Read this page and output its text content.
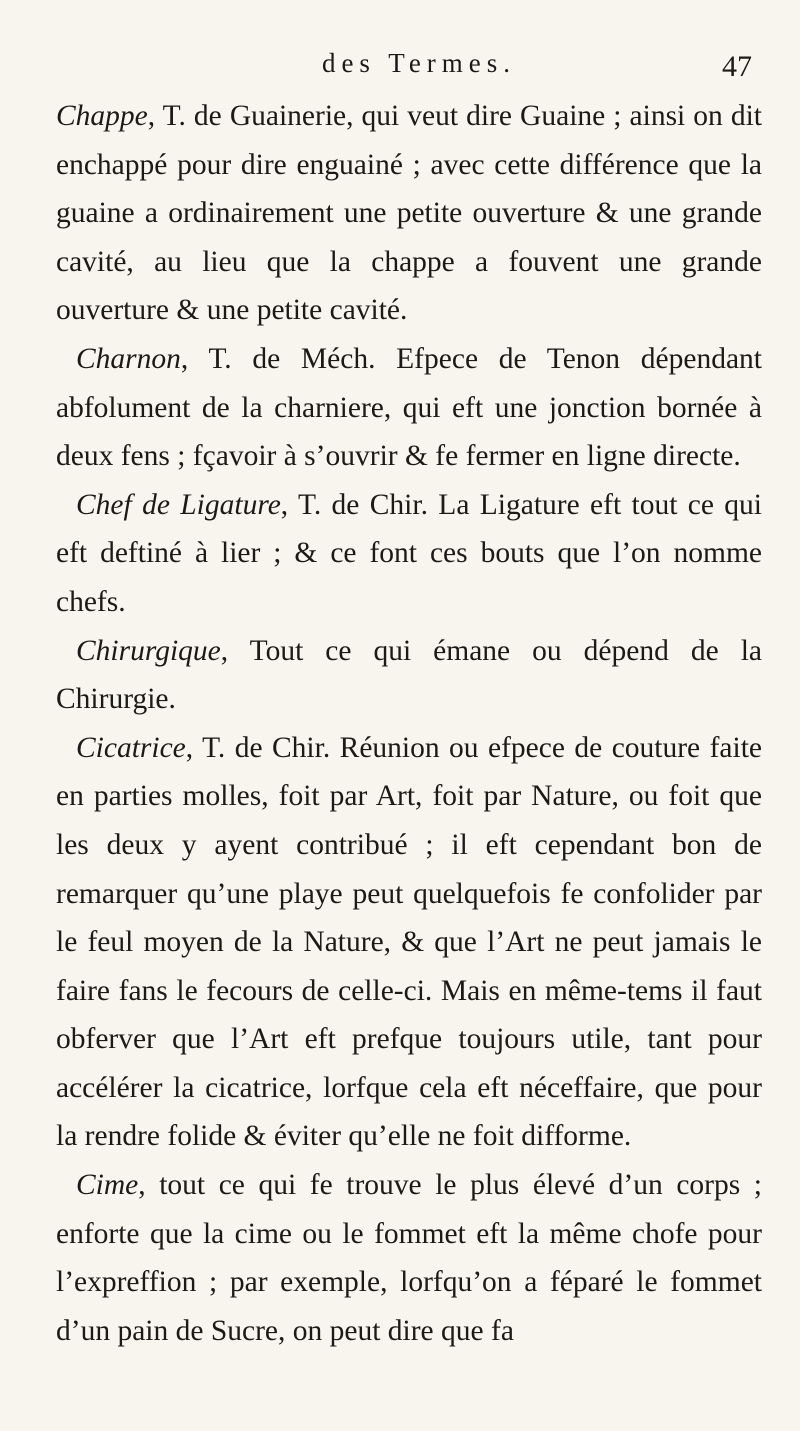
des Termes.	47

Chappe, T. de Guainerie, qui veut dire Guaine ; ainsi on dit enchappé pour dire enguainé ; avec cette différence que la guaine a ordinairement une petite ouverture & une grande cavité, au lieu que la chappe a fouvent une grande ouverture & une petite cavité.

Charnon, T. de Méch. Efpece de Tenon dépendant abfolument de la charniere, qui eft une jonction bornée à deux fens ; fçavoir à s’ouvrir & fe fermer en ligne directe.

Chef de Ligature, T. de Chir. La Ligature eft tout ce qui eft deftiné à lier ; & ce font ces bouts que l’on nomme chefs.

Chirurgique, Tout ce qui émane ou dépend de la Chirurgie.

Cicatrice, T. de Chir. Réunion ou efpece de couture faite en parties molles, foit par Art, foit par Nature, ou foit que les deux y ayent contribué ; il eft cependant bon de remarquer qu’une playe peut quelquefois fe confolider par le feul moyen de la Nature, & que l’Art ne peut jamais le faire fans le fecours de celle-ci. Mais en même-tems il faut obferver que l’Art eft prefque toujours utile, tant pour accélérer la cicatrice, lorfque cela eft néceffaire, que pour la rendre folide & éviter qu’elle ne foit difforme.

Cime, tout ce qui fe trouve le plus élevé d’un corps ; enforte que la cime ou le fommet eft la même chofe pour l’expreffion ; par exemple, lorfqu’on a féparé le fommet d’un pain de Sucre, on peut dire que fa
